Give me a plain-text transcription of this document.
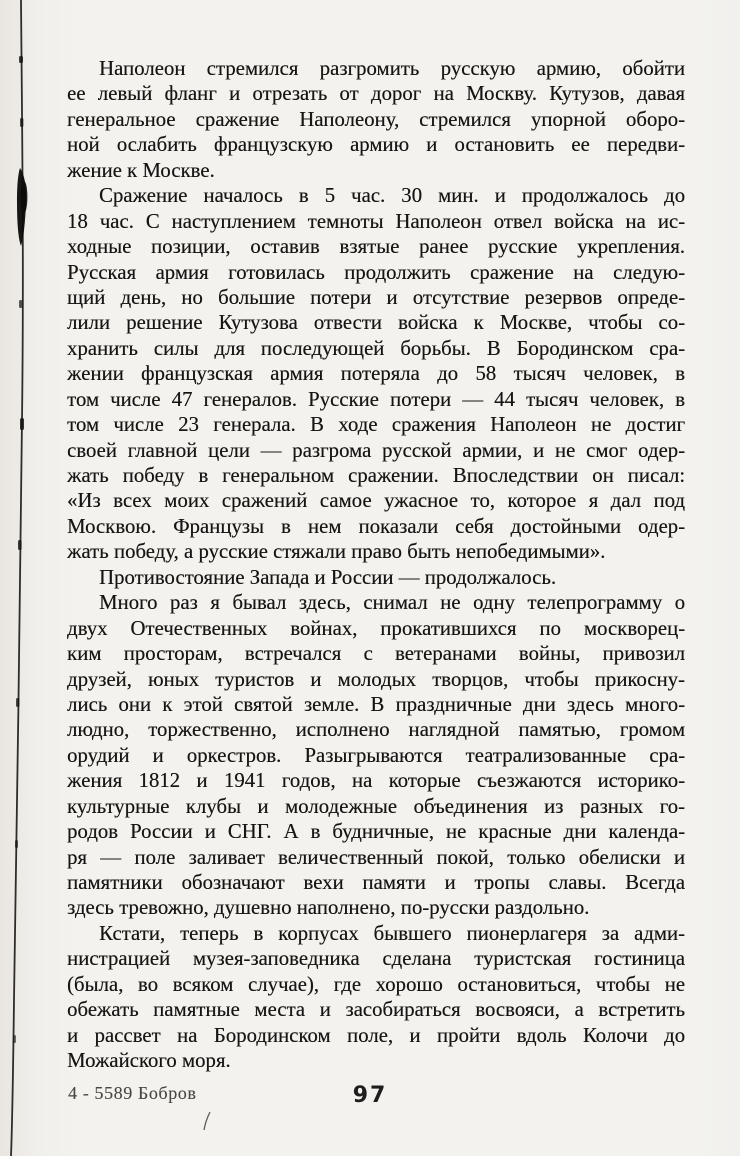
Наполеон стремился разгромить русскую армию, обойти
ее левый фланг и отрезать от дорог на Москву. Кутузов, давая
генеральное сражение Наполеону, стремился упорной оборо-
ной ослабить французскую армию и остановить ее передви-
жение к Москве.
Сражение началось в 5 час. 30 мин. и продолжалось до
18 час. С наступлением темноты Наполеон отвел войска на ис-
ходные позиции, оставив взятые ранее русские укрепления.
Русская армия готовилась продолжить сражение на следую-
щий день, но большие потери и отсутствие резервов опреде-
лили решение Кутузова отвести войска к Москве, чтобы со-
хранить силы для последующей борьбы. В Бородинском сра-
жении французская армия потеряла до 58 тысяч человек, в
том числе 47 генералов. Русские потери — 44 тысяч человек, в
том числе 23 генерала. В ходе сражения Наполеон не достиг
своей главной цели — разгрома русской армии, и не смог одер-
жать победу в генеральном сражении. Впоследствии он писал:
«Из всех моих сражений самое ужасное то, которое я дал под
Москвою. Французы в нем показали себя достойными одер-
жать победу, а русские стяжали право быть непобедимыми».
Противостояние Запада и России — продолжалось.
Много раз я бывал здесь, снимал не одну телепрограмму о
двух Отечественных войнах, прокатившихся по москворец-
ким просторам, встречался с ветеранами войны, привозил
друзей, юных туристов и молодых творцов, чтобы прикосну-
лись они к этой святой земле. В праздничные дни здесь много-
людно, торжественно, исполнено наглядной памятью, громом
орудий и оркестров. Разыгрываются театрализованные сра-
жения 1812 и 1941 годов, на которые съезжаются историко-
культурные клубы и молодежные объединения из разных го-
родов России и СНГ. А в будничные, не красные дни календа-
ря — поле заливает величественный покой, только обелиски и
памятники обозначают вехи памяти и тропы славы. Всегда
здесь тревожно, душевно наполнено, по-русски раздольно.
Кстати, теперь в корпусах бывшего пионерлагеря за адми-
нистрацией музея-заповедника сделана туристская гостиница
(была, во всяком случае), где хорошо остановиться, чтобы не
обежать памятные места и засобираться восвояси, а встретить
и рассвет на Бородинском поле, и пройти вдоль Колочи до
Можайского моря.
4 - 5589 Бобров	97
